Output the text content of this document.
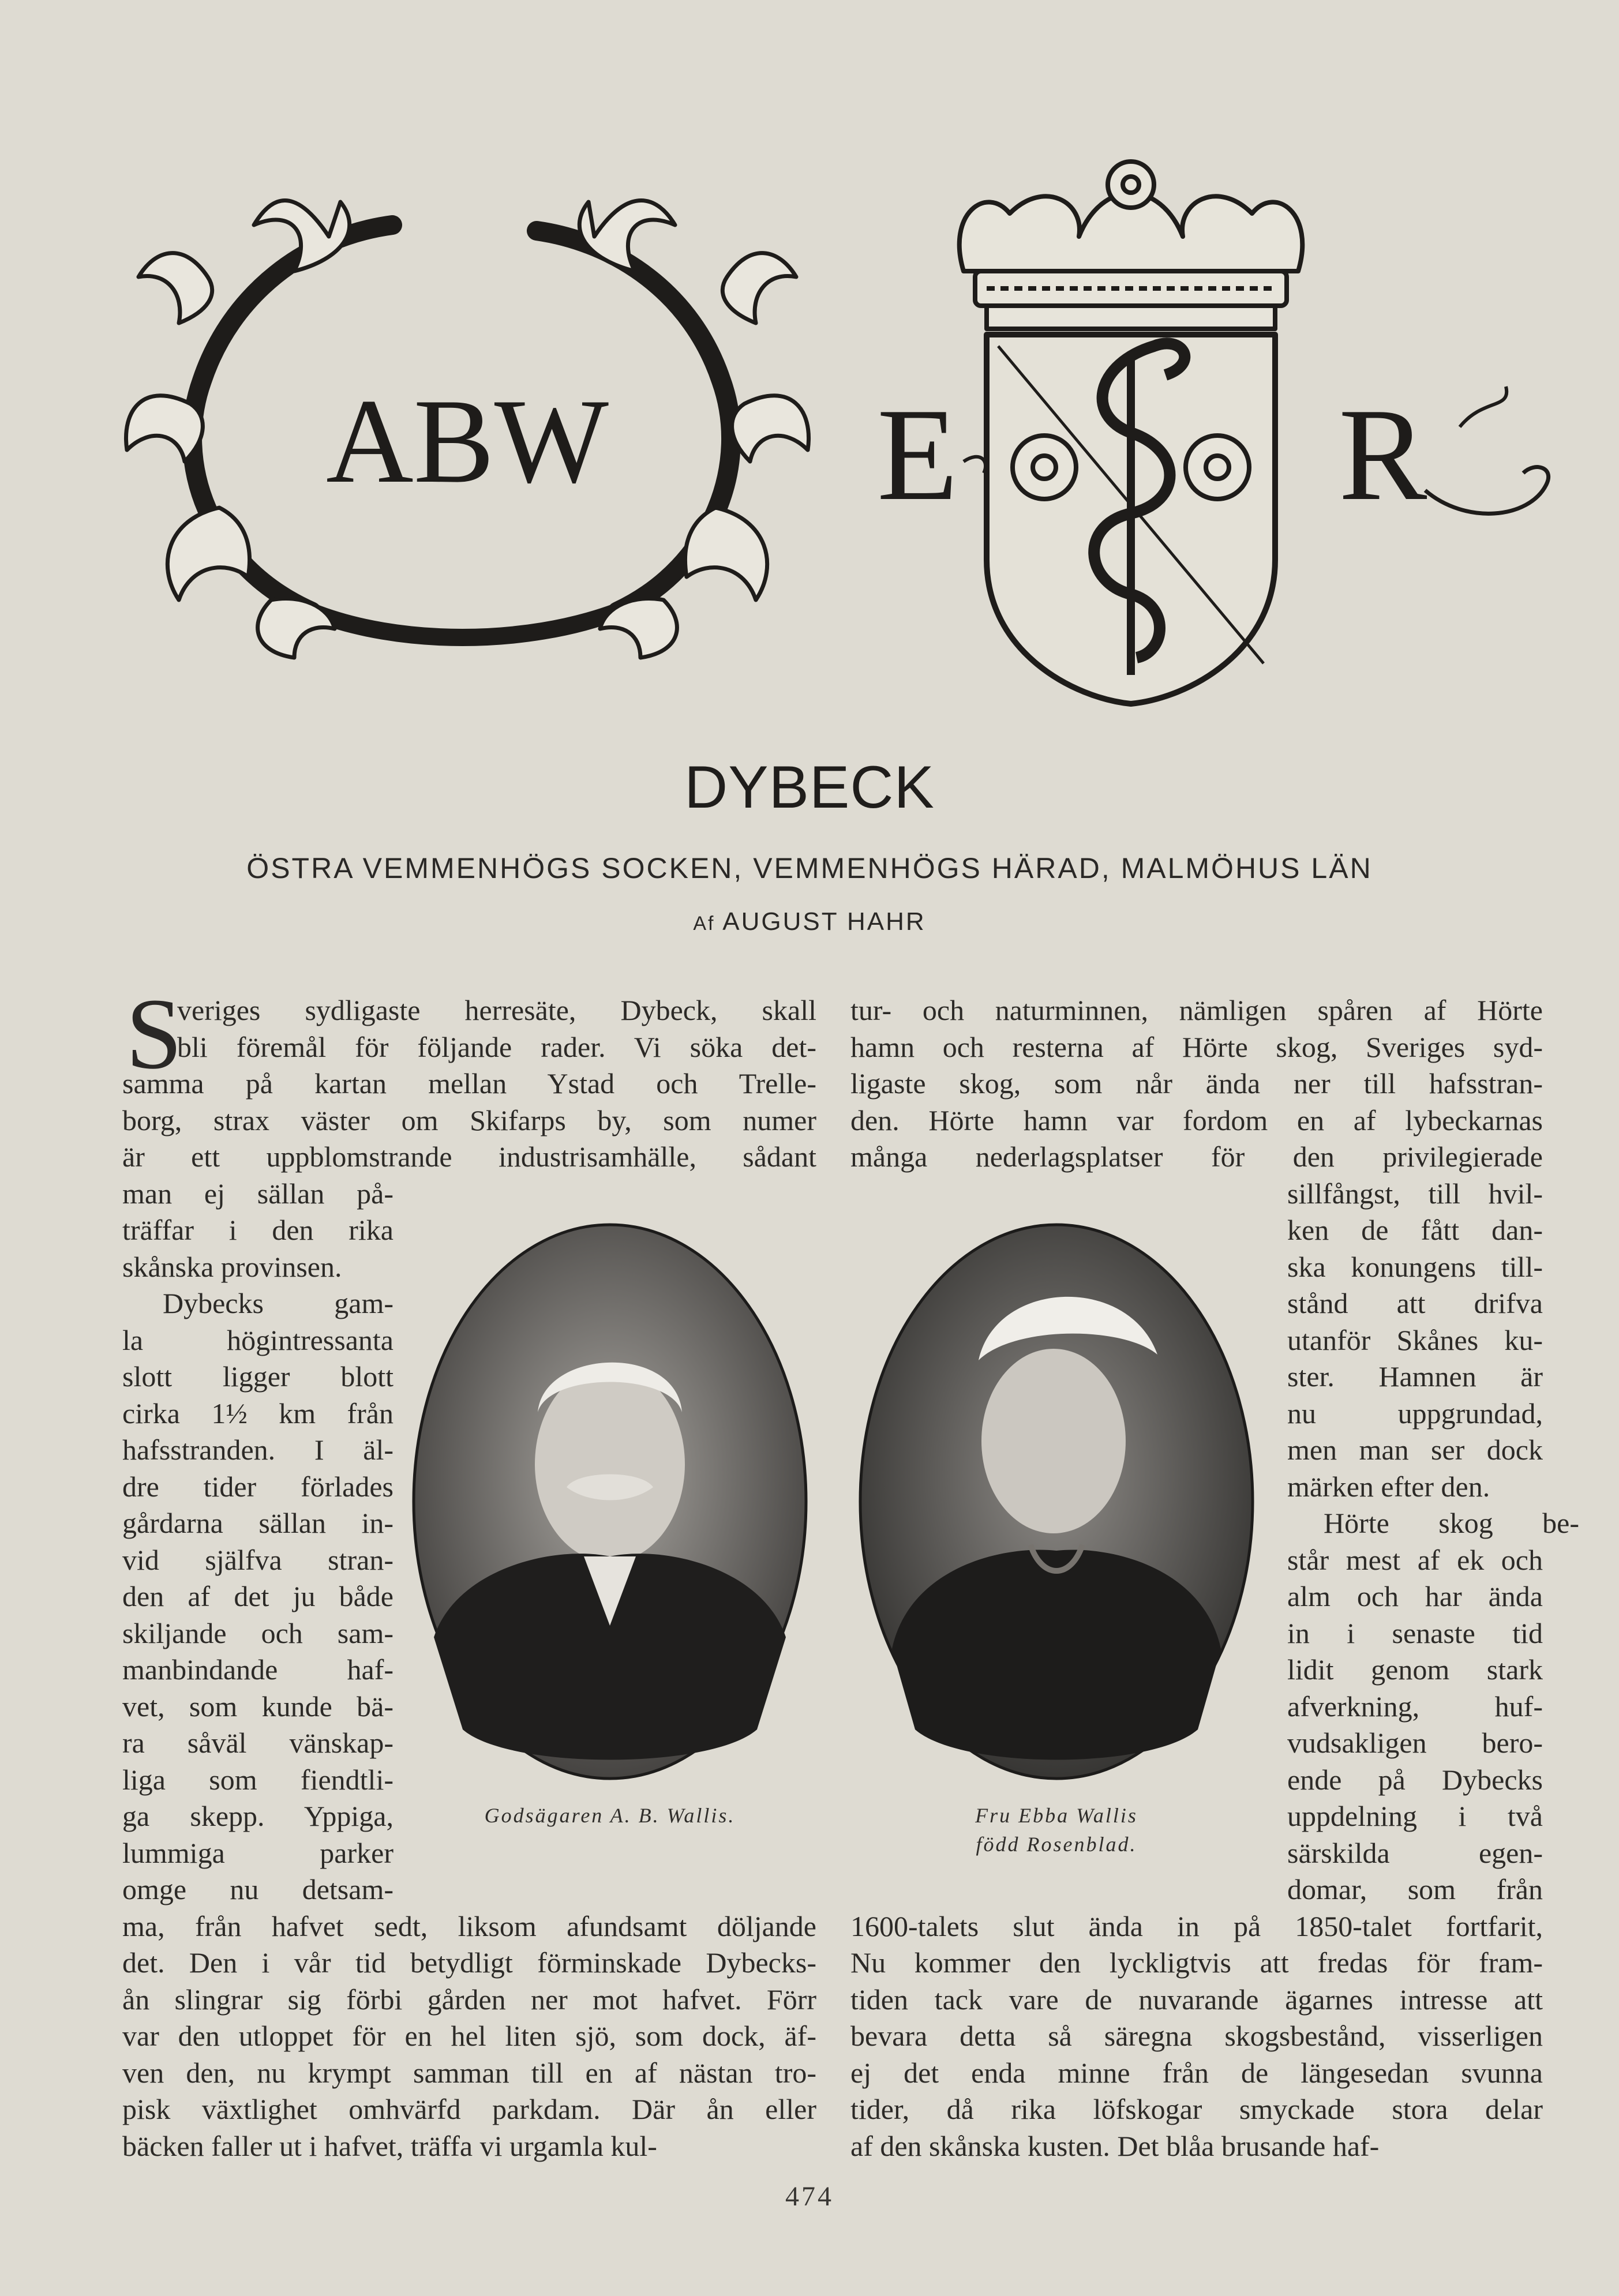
ABW E	R
DYBECK
ÖSTRA VEMMENHÖGS SOCKEN, VEMMENHÖGS HÄRAD, MALMÖHUS LÄN
Af AUGUST HAHR
S
veriges sydligaste herresäte, Dybeck, skall
bli föremål för följande rader. Vi söka det-
samma på kartan mellan Ystad och Trelle-
borg, strax väster om Skifarps by, som numer
är ett uppblomstrande industrisamhälle, sådant
man ej sällan på-
träffar i den rika
skånska provinsen.
Dybecks gam-
la högintressanta
slott ligger blott
cirka 1½ km från
hafsstranden. I äl-
dre tider förlades
gårdarna sällan in-
vid själfva stran-
den af det ju både
skiljande och sam-
manbindande haf-
vet, som kunde bä-
ra såväl vänskap-
liga som fiendtli-
ga skepp. Yppiga,
lummiga parker
omge nu detsam-
ma, från hafvet sedt, liksom afundsamt döljande
det. Den i vår tid betydligt förminskade Dybecks-
ån slingrar sig förbi gården ner mot hafvet. Förr
var den utloppet för en hel liten sjö, som dock, äf-
ven den, nu krympt samman till en af nästan tro-
pisk växtlighet omhvärfd parkdam. Där ån eller
bäcken faller ut i hafvet, träffa vi urgamla kul-
tur- och naturminnen, nämligen spåren af Hörte
hamn och resterna af Hörte skog, Sveriges syd-
ligaste skog, som når ända ner till hafsstran-
den. Hörte hamn var fordom en af lybeckarnas
många nederlagsplatser för den privilegierade
sillfångst, till hvil-
ken de fått dan-
ska konungens till-
stånd att drifva
utanför Skånes ku-
ster. Hamnen är
nu uppgrundad,
men man ser dock
märken efter den.
Hörte skog be-
står mest af ek och
alm och har ända
in i senaste tid
lidit genom stark
afverkning, huf-
vudsakligen bero-
ende på Dybecks
uppdelning i två
särskilda egen-
domar, som från
1600-talets slut ända in på 1850-talet fortfarit,
Nu kommer den lyckligtvis att fredas för fram-
tiden tack vare de nuvarande ägarnes intresse att
bevara detta så säregna skogsbestånd, visserligen
ej det enda minne från de längesedan svunna
tider, då rika löfskogar smyckade stora delar
af den skånska kusten. Det blåa brusande haf-
Godsägaren A. B. Wallis.	Fru Ebba Wallis
född Rosenblad.
474
